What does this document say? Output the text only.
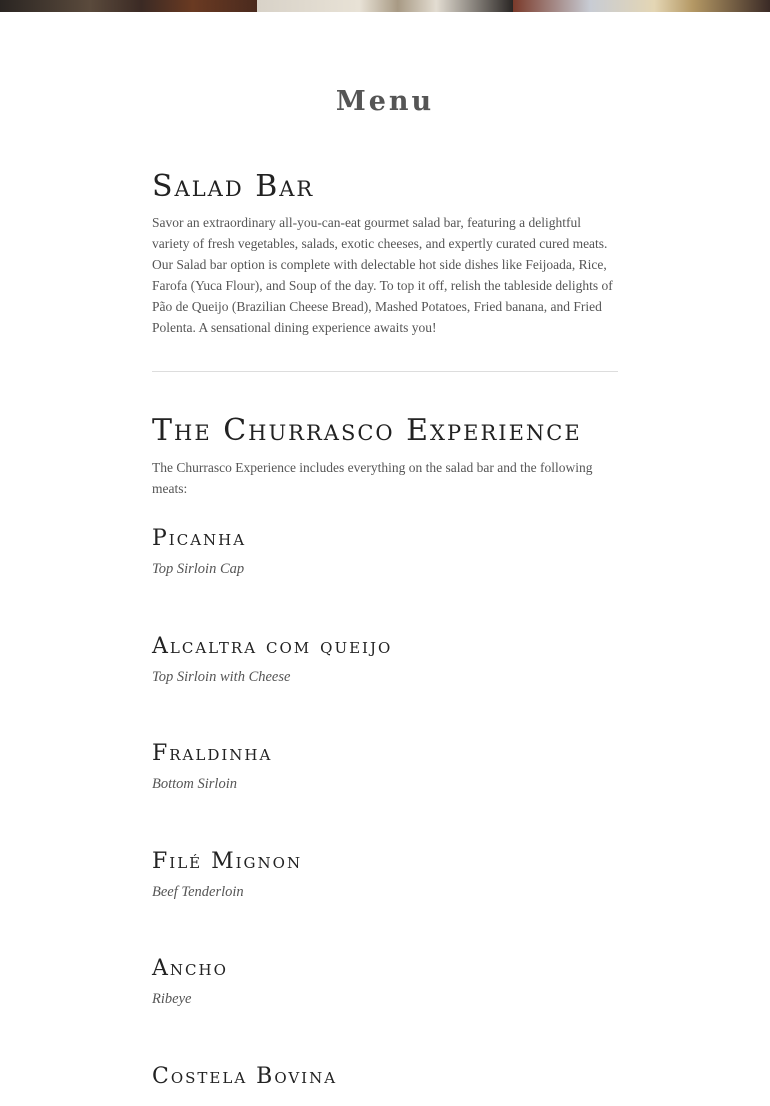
Menu
Salad Bar

Savor an extraordinary all-you-can-eat gourmet salad bar, featuring a delightful variety of fresh vegetables, salads, exotic cheeses, and expertly curated cured meats. Our Salad bar option is complete with delectable hot side dishes like Feijoada, Rice, Farofa (Yuca Flour), and Soup of the day. To top it off, relish the tableside delights of Pão de Queijo (Brazilian Cheese Bread), Mashed Potatoes, Fried banana, and Fried Polenta. A sensational dining experience awaits you!

The Churrasco Experience

The Churrasco Experience includes everything on the salad bar and the following meats:

Picanha

Top Sirloin Cap

Alcaltra com queijo

Top Sirloin with Cheese

Fraldinha

Bottom Sirloin

Filé Mignon

Beef Tenderloin

Ancho

Ribeye

Costela Bovina
